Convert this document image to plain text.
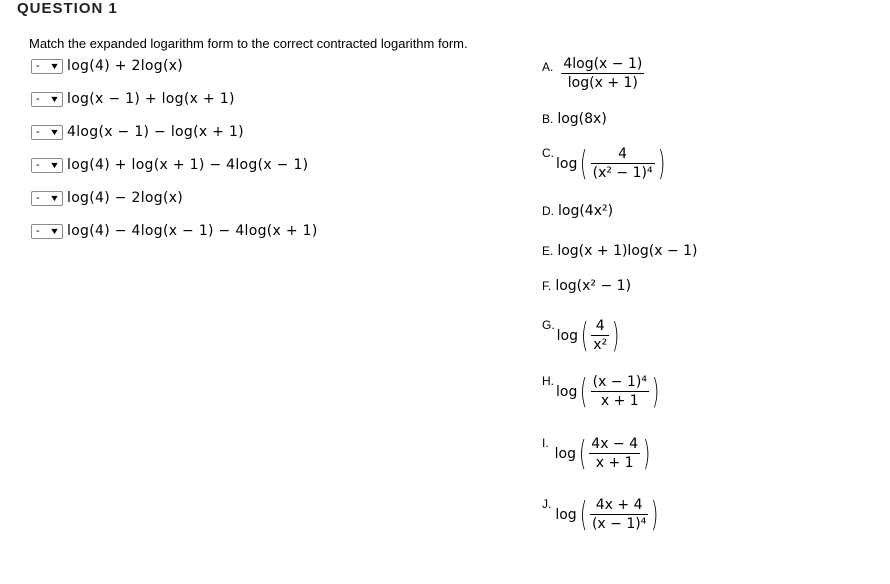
QUESTION 1
Match the expanded logarithm form to the correct contracted logarithm form.
-	▼ log(4) + 2log(x)
-	▼ log(x − 1) + log(x + 1)
-	▼ 4log(x − 1) − log(x + 1)
-	▼ log(4) + log(x + 1) − 4log(x − 1)
-	▼ log(4) − 2log(x)
-	▼ log(4) − 4log(x − 1) − 4log(x + 1)
A. $\frac{4\log(x - 1)}{\log(x + 1)}$
B. log(8x)
C.
log ( $\frac{4}{\text{(x² − 1)⁴}}$ )
D. log(4x²)
E. log(x + 1)log(x − 1)
F. log(x² − 1)
G.
log ( $\frac{4}{\text{x²}}$ )
H.
log ( $\frac{\text{(x − 1)⁴}}{x + 1}$ )
I.
log ( $\frac{4x - 4}{x + 1}$ )
J.
log ( $\frac{4x + 4}{\text{(x − 1)⁴}}$ )
